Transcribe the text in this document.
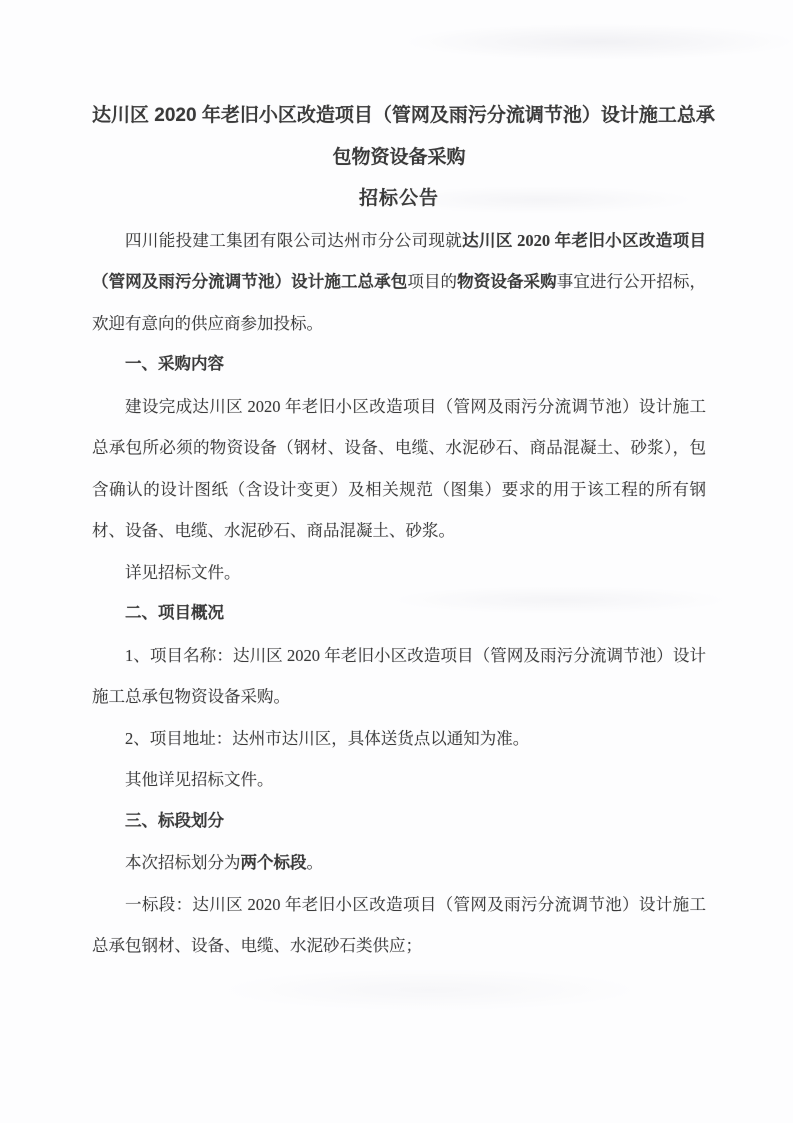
达川区 2020 年老旧小区改造项目（管网及雨污分流调节池）设计施工总承
包物资设备采购
招标公告

四川能投建工集团有限公司达州市分公司现就达川区 2020 年老旧小区改造项目（管网及雨污分流调节池）设计施工总承包项目的物资设备采购事宜进行公开招标，欢迎有意向的供应商参加投标。

一、采购内容

建设完成达川区 2020 年老旧小区改造项目（管网及雨污分流调节池）设计施工总承包所必须的物资设备（钢材、设备、电缆、水泥砂石、商品混凝土、砂浆），包含确认的设计图纸（含设计变更）及相关规范（图集）要求的用于该工程的所有钢材、设备、电缆、水泥砂石、商品混凝土、砂浆。

详见招标文件。

二、项目概况

1、项目名称：达川区 2020 年老旧小区改造项目（管网及雨污分流调节池）设计施工总承包物资设备采购。

2、项目地址：达州市达川区，具体送货点以通知为准。

其他详见招标文件。

三、标段划分

本次招标划分为两个标段。

一标段：达川区 2020 年老旧小区改造项目（管网及雨污分流调节池）设计施工总承包钢材、设备、电缆、水泥砂石类供应；
